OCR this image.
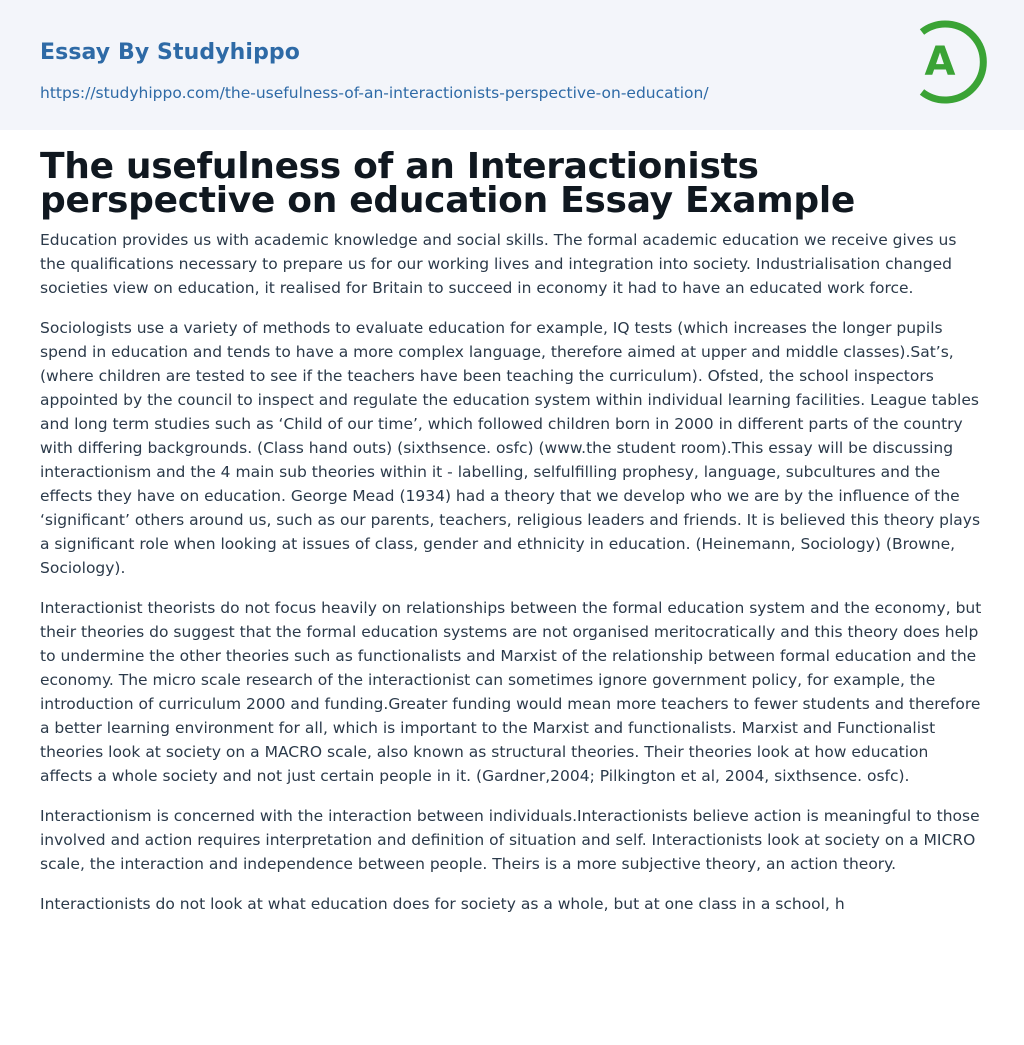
Essay By Studyhippo
https://studyhippo.com/the-usefulness-of-an-interactionists-perspective-on-education/
A
The usefulness of an Interactionists perspective on education Essay Example

Education provides us with academic knowledge and social skills. The formal academic education we receive gives us the qualifications necessary to prepare us for our working lives and integration into society. Industrialisation changed societies view on education, it realised for Britain to succeed in economy it had to have an educated work force.

Sociologists use a variety of methods to evaluate education for example, IQ tests (which increases the longer pupils spend in education and tends to have a more complex language, therefore aimed at upper and middle classes).Sat’s, (where children are tested to see if the teachers have been teaching the curriculum). Ofsted, the school inspectors appointed by the council to inspect and regulate the education system within individual learning facilities. League tables and long term studies such as ‘Child of our time’, which followed children born in 2000 in different parts of the country with differing backgrounds. (Class hand outs) (sixthsence. osfc) (www.the student room).This essay will be discussing interactionism and the 4 main sub theories within it - labelling, selfulfilling prophesy, language, subcultures and the effects they have on education. George Mead (1934) had a theory that we develop who we are by the influence of the ‘significant’ others around us, such as our parents, teachers, religious leaders and friends. It is believed this theory plays a significant role when looking at issues of class, gender and ethnicity in education. (Heinemann, Sociology) (Browne, Sociology).

Interactionist theorists do not focus heavily on relationships between the formal education system and the economy, but their theories do suggest that the formal education systems are not organised meritocratically and this theory does help to undermine the other theories such as functionalists and Marxist of the relationship between formal education and the economy. The micro scale research of the interactionist can sometimes ignore government policy, for example, the introduction of curriculum 2000 and funding.Greater funding would mean more teachers to fewer students and therefore a better learning environment for all, which is important to the Marxist and functionalists. Marxist and Functionalist theories look at society on a MACRO scale, also known as structural theories. Their theories look at how education affects a whole society and not just certain people in it. (Gardner,2004; Pilkington et al, 2004, sixthsence. osfc).

Interactionism is concerned with the interaction between individuals.Interactionists believe action is meaningful to those involved and action requires interpretation and definition of situation and self. Interactionists look at society on a MICRO scale, the interaction and independence between people. Theirs is a more subjective theory, an action theory.

Interactionists do not look at what education does for society as a whole, but at one class in a school, h
